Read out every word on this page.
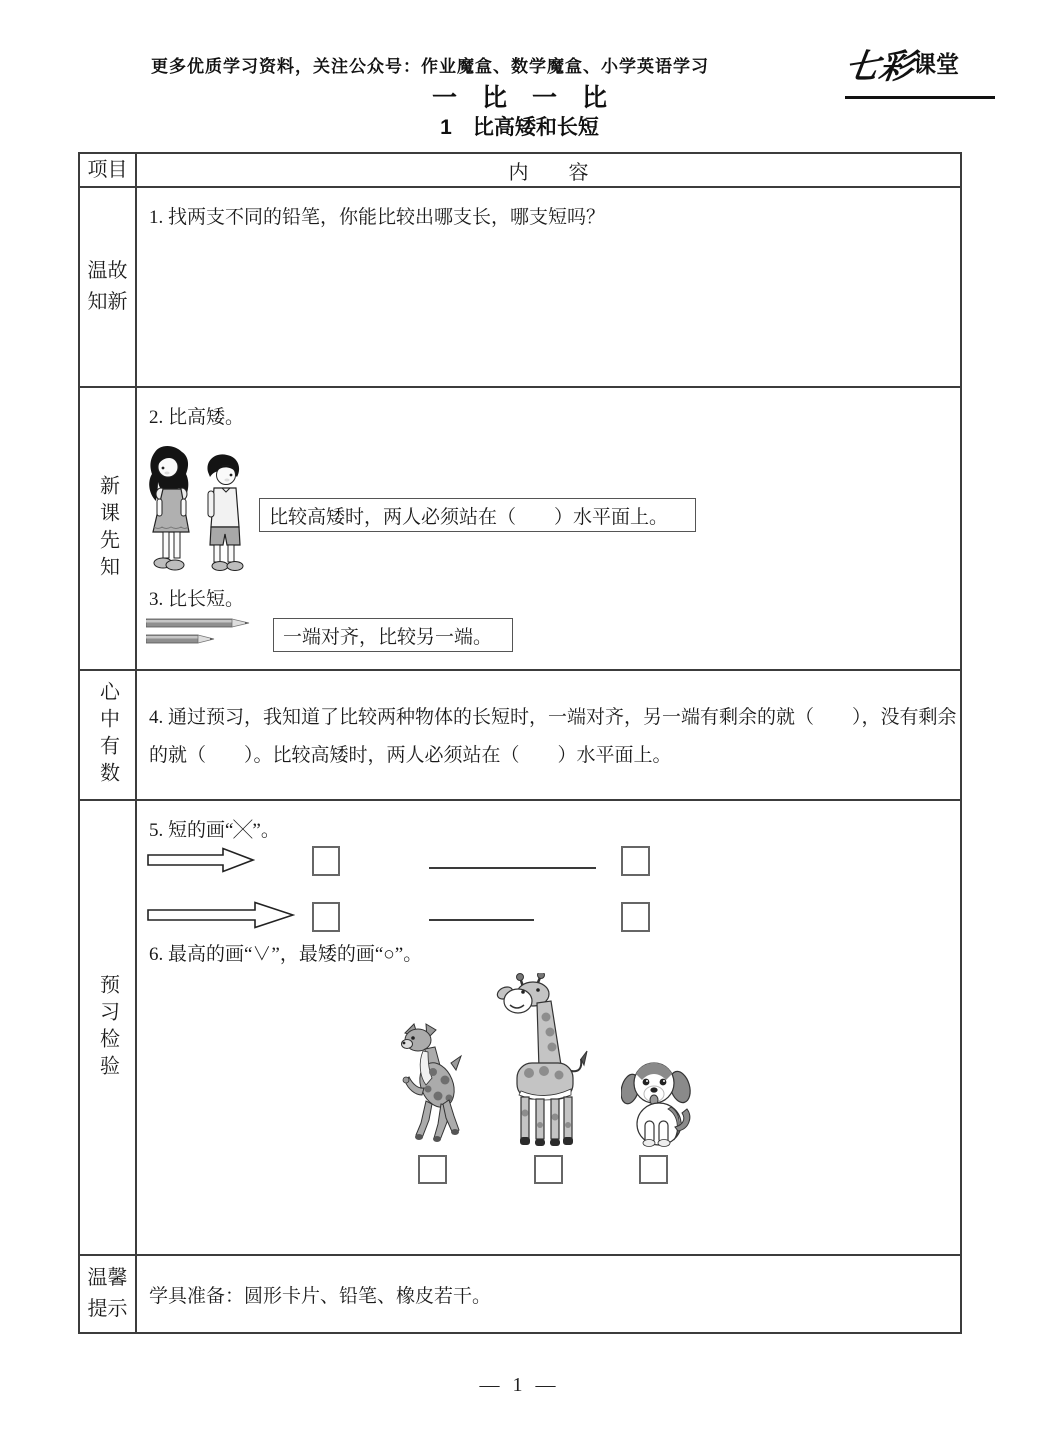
更多优质学习资料，关注公众号：作业魔盒、数学魔盒、小学英语学习	七彩课堂
一　比　一　比
1　比高矮和长短
项目	内　　容
温故
知新
1. 找两支不同的铅笔，你能比较出哪支长，哪支短吗？
新课先知
2. 比高矮。
比较高矮时，两人必须站在（　　）水平面上。
3. 比长短。
一端对齐，比较另一端。
心中有数 4. 通过预习，我知道了比较两种物体的长短时，一端对齐，另一端有剩余的就（　　），没有剩余的就（　　）。比较高矮时，两人必须站在（　　）水平面上。
预习检验
5. 短的画“╳”。
6. 最高的画“∨”，最矮的画“○”。
温馨
提示
学具准备：圆形卡片、铅笔、橡皮若干。
— 1 —
